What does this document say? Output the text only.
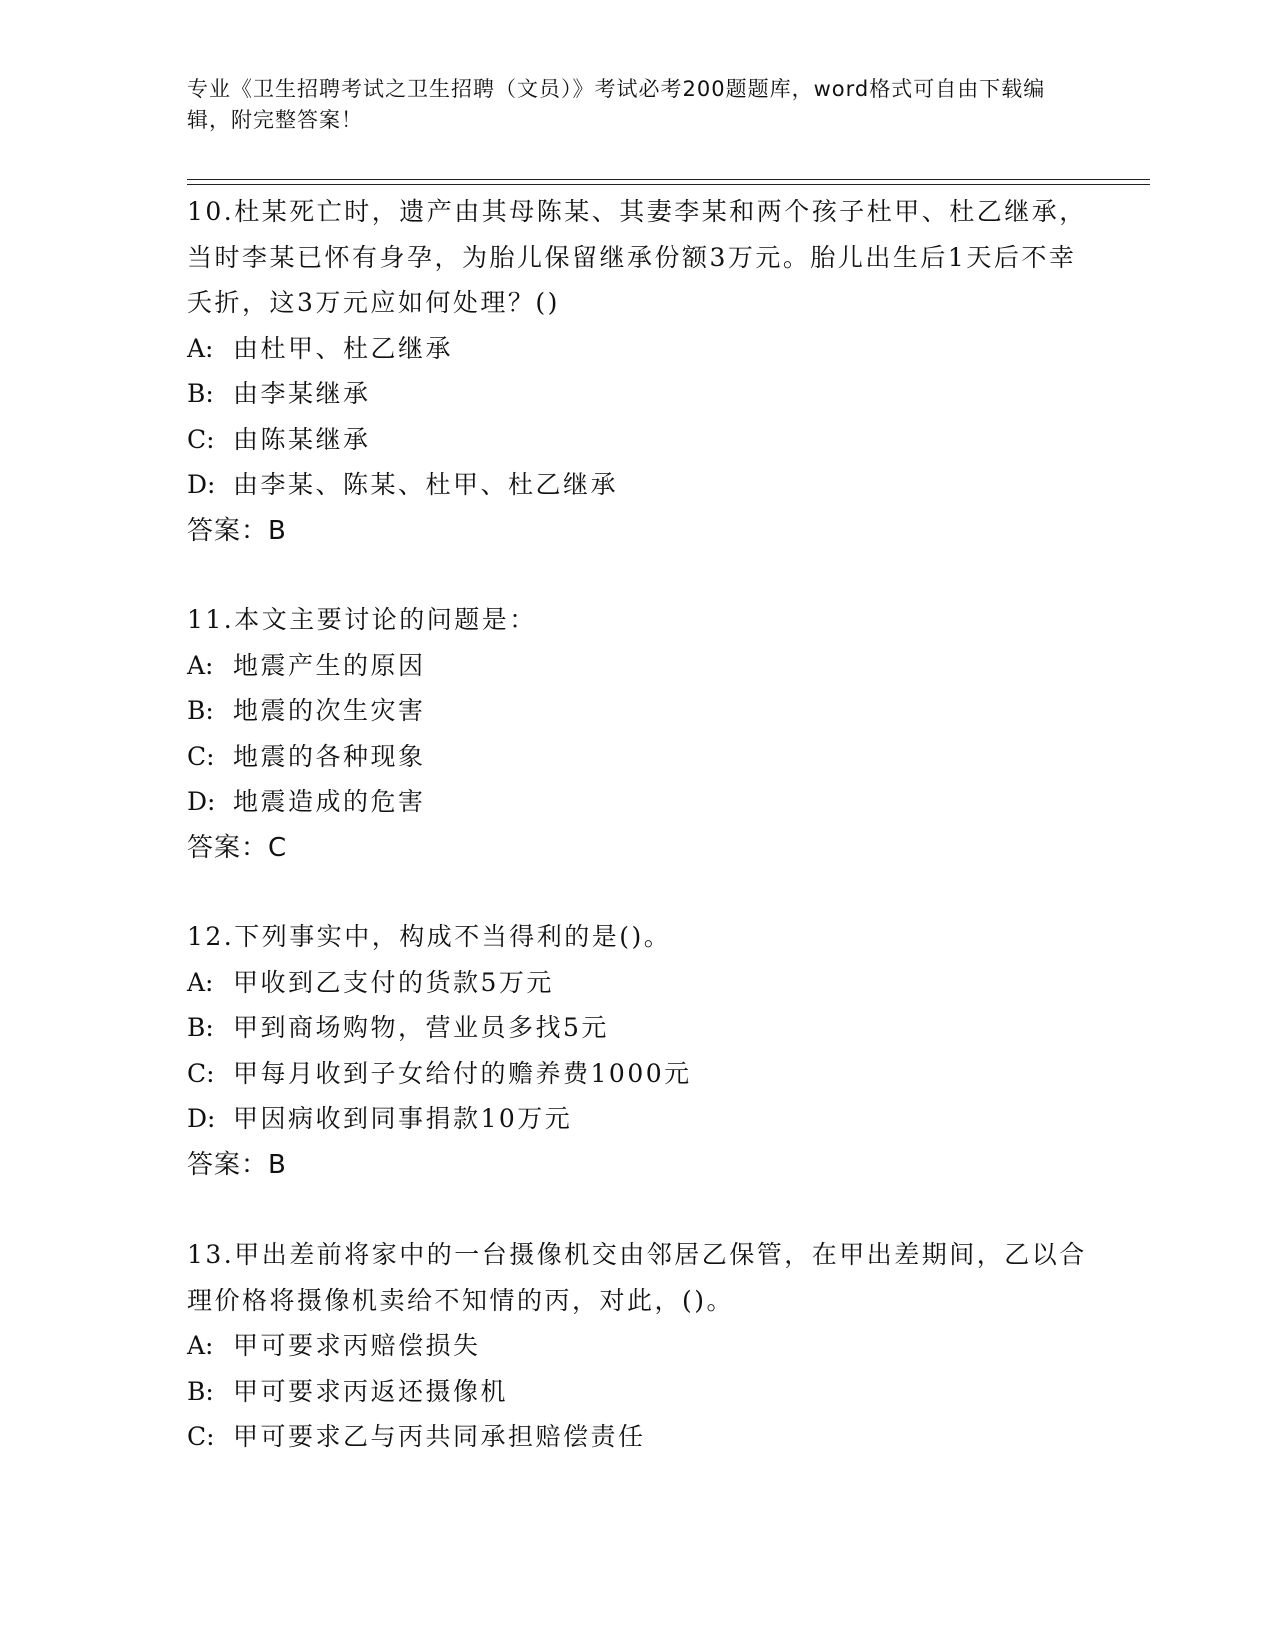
专业《卫生招聘考试之卫生招聘（文员）》考试必考200题题库，word格式可自由下载编辑，附完整答案！

10.杜某死亡时，遗产由其母陈某、其妻李某和两个孩子杜甲、杜乙继承，当时李某已怀有身孕，为胎儿保留继承份额3万元。胎儿出生后1天后不幸夭折，这3万元应如何处理？()

A: 由杜甲、杜乙继承

B: 由李某继承

C: 由陈某继承

D: 由李某、陈某、杜甲、杜乙继承

答案：B

11.本文主要讨论的问题是：

A: 地震产生的原因

B: 地震的次生灾害

C: 地震的各种现象

D: 地震造成的危害

答案：C

12.下列事实中，构成不当得利的是()。

A: 甲收到乙支付的货款5万元

B: 甲到商场购物，营业员多找5元

C: 甲每月收到子女给付的赡养费1000元

D: 甲因病收到同事捐款10万元

答案：B

13.甲出差前将家中的一台摄像机交由邻居乙保管，在甲出差期间，乙以合理价格将摄像机卖给不知情的丙，对此，()。

A: 甲可要求丙赔偿损失

B: 甲可要求丙返还摄像机

C: 甲可要求乙与丙共同承担赔偿责任
